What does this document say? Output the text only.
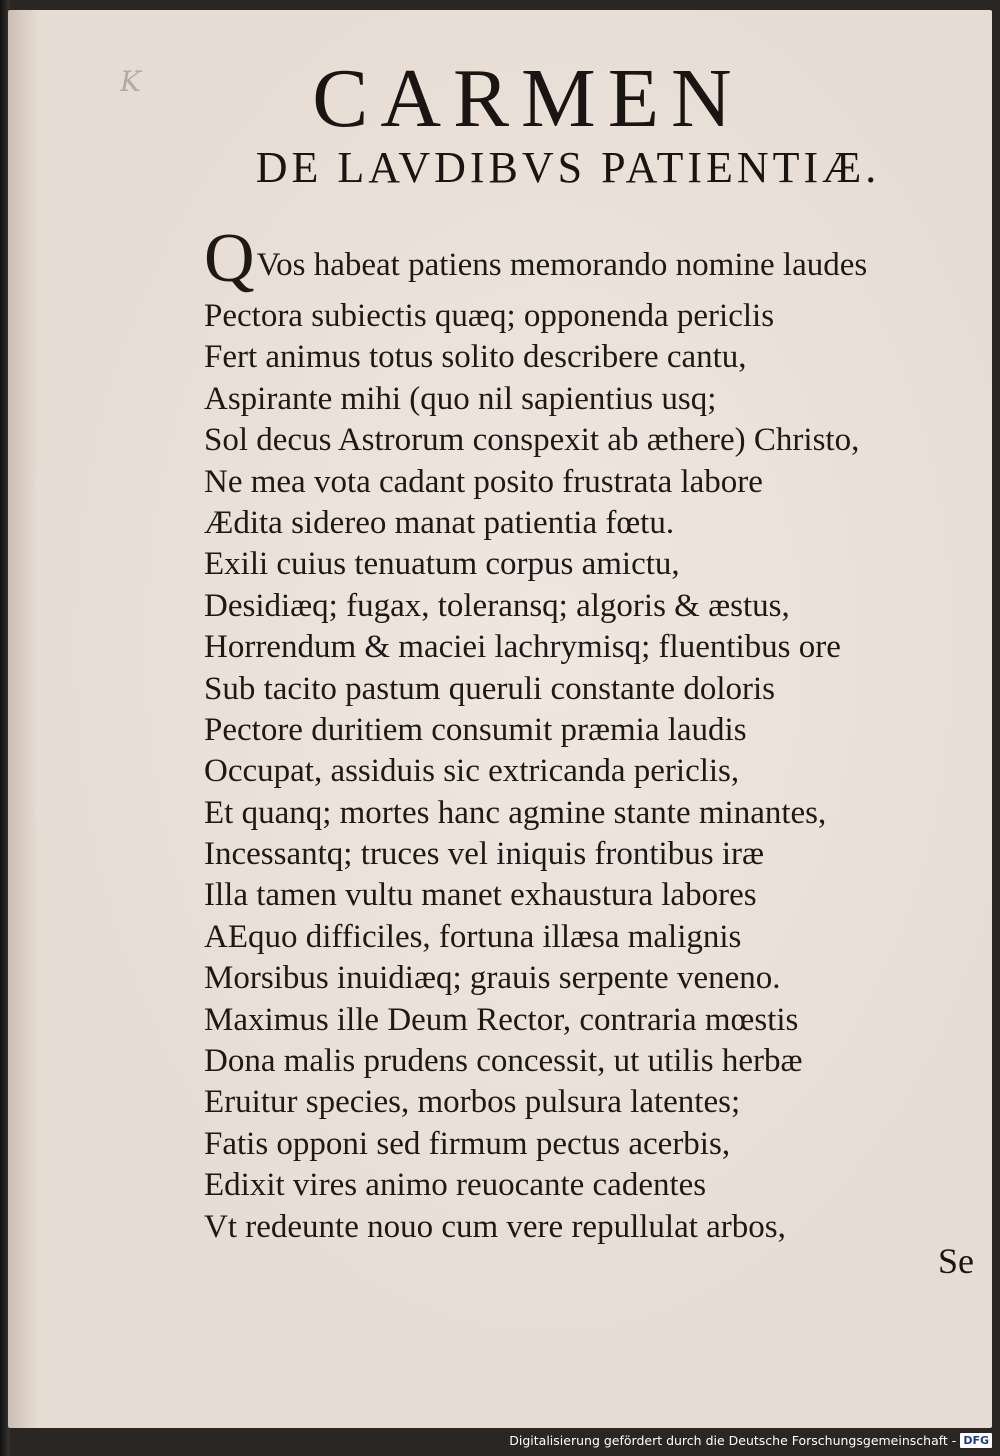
K	CARMEN
DE LAVDIBVS PATIENTIÆ.
QVos habeat patiens memorando nomine laudes
Pectora subiectis quæq; opponenda periclis
Fert animus totus solito describere cantu,
Aspirante mihi (quo nil sapientius usq;
Sol decus Astrorum conspexit ab æthere) Christo,
Ne mea vota cadant posito frustrata labore
Ædita sidereo manat patientia fœtu.
Exili cuius tenuatum corpus amictu,
Desidiæq; fugax, toleransq; algoris & æstus,
Horrendum & maciei lachrymisq; fluentibus ore
Sub tacito pastum queruli constante doloris
Pectore duritiem consumit præmia laudis
Occupat, assiduis sic extricanda periclis,
Et quanq; mortes hanc agmine stante minantes,
Incessantq; truces vel iniquis frontibus iræ
Illa tamen vultu manet exhaustura labores
AEquo difficiles, fortuna illæsa malignis
Morsibus inuidiæq; grauis serpente veneno.
Maximus ille Deum Rector, contraria mœstis
Dona malis prudens concessit, ut utilis herbæ
Eruitur species, morbos pulsura latentes;
Fatis opponi sed firmum pectus acerbis,
Edixit vires animo reuocante cadentes
Vt redeunte nouo cum vere repullulat arbos,
Se
Digitalisierung gefördert durch die Deutsche Forschungsgemeinschaft - DFG
